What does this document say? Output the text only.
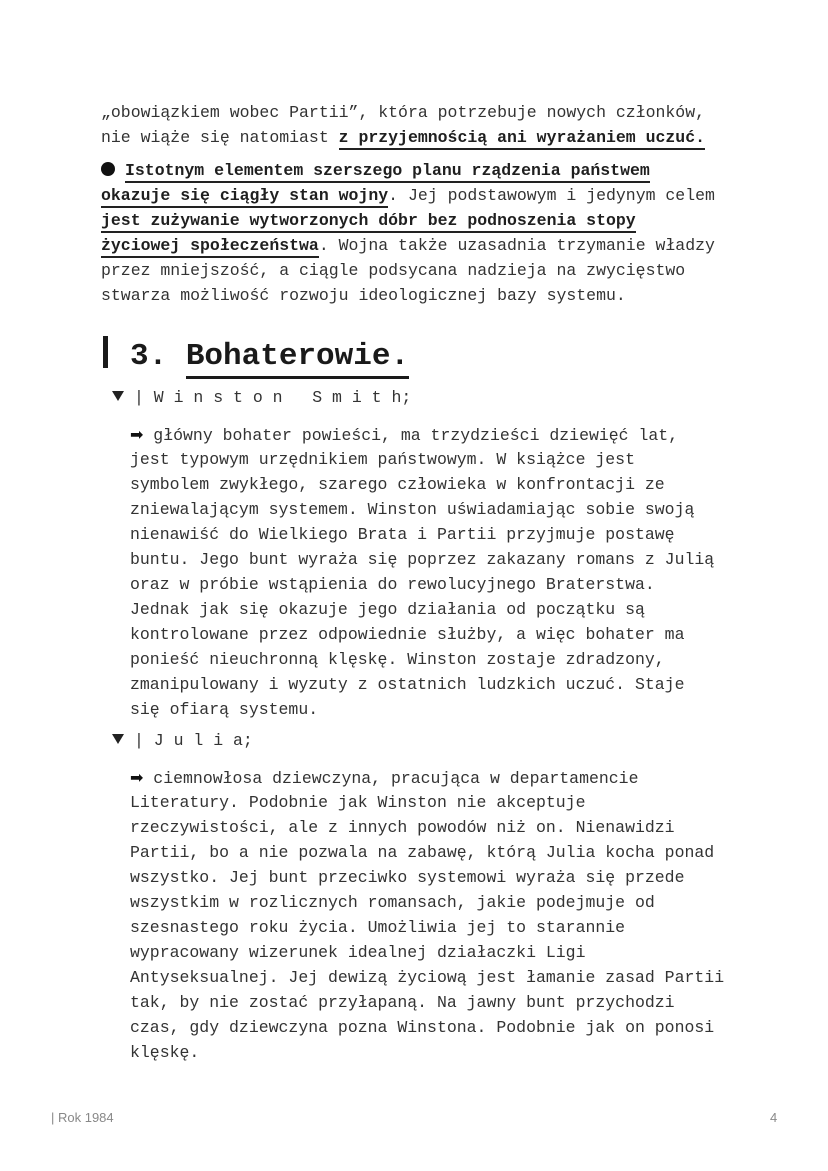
„obowiązkiem wobec Partii”, która potrzebuje nowych członków,
nie wiąże się natomiast z przyjemnością ani wyrażaniem uczuć.
Istotnym elementem szerszego planu rządzenia państwem
okazuje się ciągły stan wojny. Jej podstawowym i jedynym celem
jest zużywanie wytworzonych dóbr bez podnoszenia stopy
życiowej społeczeństwa. Wojna także uzasadnia trzymanie władzy
przez mniejszość, a ciągle podsycana nadzieja na zwycięstwo
stwarza możliwość rozwoju ideologicznej bazy systemu.
3. Bohaterowie.
| W i n s t o n   S m i t h;
➡ główny bohater powieści, ma trzydzieści dziewięć lat,
jest typowym urzędnikiem państwowym. W książce jest
symbolem zwykłego, szarego człowieka w konfrontacji ze
zniewalającym systemem. Winston uświadamiając sobie swoją
nienawiść do Wielkiego Brata i Partii przyjmuje postawę
buntu. Jego bunt wyraża się poprzez zakazany romans z Julią
oraz w próbie wstąpienia do rewolucyjnego Braterstwa.
Jednak jak się okazuje jego działania od początku są
kontrolowane przez odpowiednie służby, a więc bohater ma
ponieść nieuchronną klęskę. Winston zostaje zdradzony,
zmanipulowany i wyzuty z ostatnich ludzkich uczuć. Staje
się ofiarą systemu.
| J u l i a;
➡ ciemnowłosa dziewczyna, pracująca w departamencie
Literatury. Podobnie jak Winston nie akceptuje
rzeczywistości, ale z innych powodów niż on. Nienawidzi
Partii, bo a nie pozwala na zabawę, którą Julia kocha ponad
wszystko. Jej bunt przeciwko systemowi wyraża się przede
wszystkim w rozlicznych romansach, jakie podejmuje od
szesnastego roku życia. Umożliwia jej to starannie
wypracowany wizerunek idealnej działaczki Ligi
Antyseksualnej. Jej dewizą życiową jest łamanie zasad Partii
tak, by nie zostać przyłapaną. Na jawny bunt przychodzi
czas, gdy dziewczyna pozna Winstona. Podobnie jak on ponosi
klęskę.
| Rok 1984	4
